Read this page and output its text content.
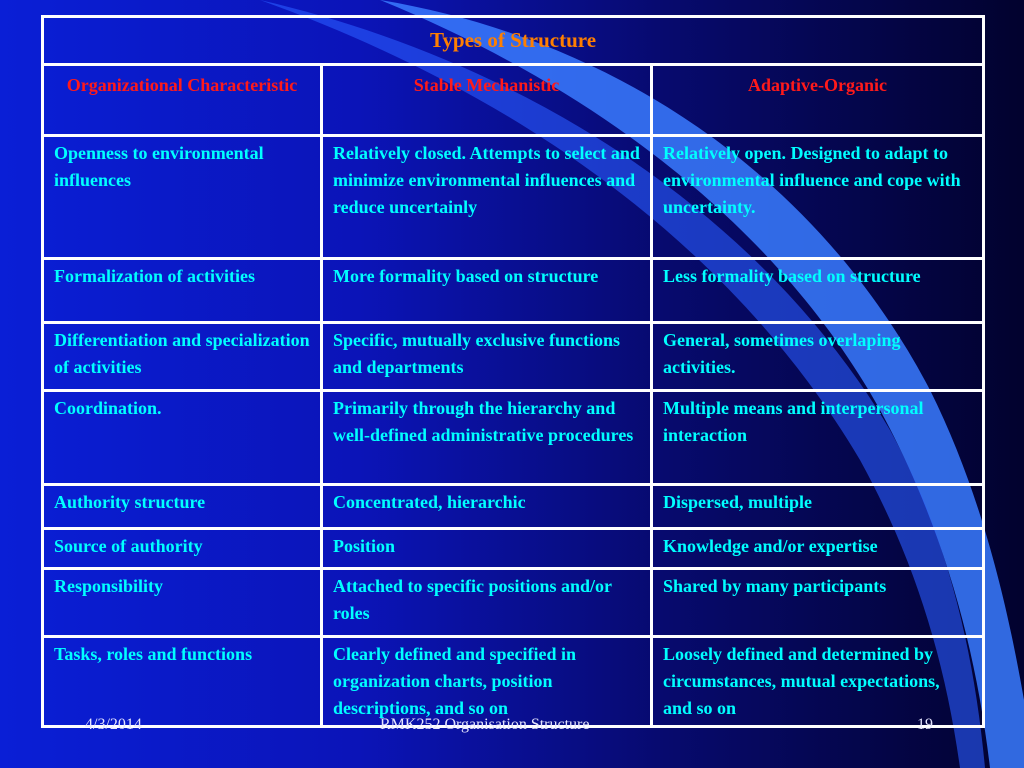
Types of Structure		
Organizational Characteristic	Stable Mechanistic	Adaptive-Organic
Openness to environmental influences	Relatively closed. Attempts to select and minimize environmental influences and reduce uncertainly	Relatively open. Designed to adapt to environmental influence and cope with uncertainty.
Formalization of activities	More formality based on structure	Less formality based on structure
Differentiation and specialization of activities	Specific, mutually exclusive functions and departments	General, sometimes overlaping activities.
Coordination.	Primarily through the hierarchy and well-defined administrative procedures	Multiple means and interpersonal interaction
Authority structure	Concentrated, hierarchic	Dispersed, multiple
Source of authority	Position	Knowledge and/or expertise
Responsibility	Attached to specific positions and/or roles	Shared by many participants
Tasks, roles and functions	Clearly defined and specified in organization charts, position descriptions, and so on	Loosely defined and determined by circumstances, mutual expectations, and so on
4/3/2014	RMK252 Organisation Structure	19
